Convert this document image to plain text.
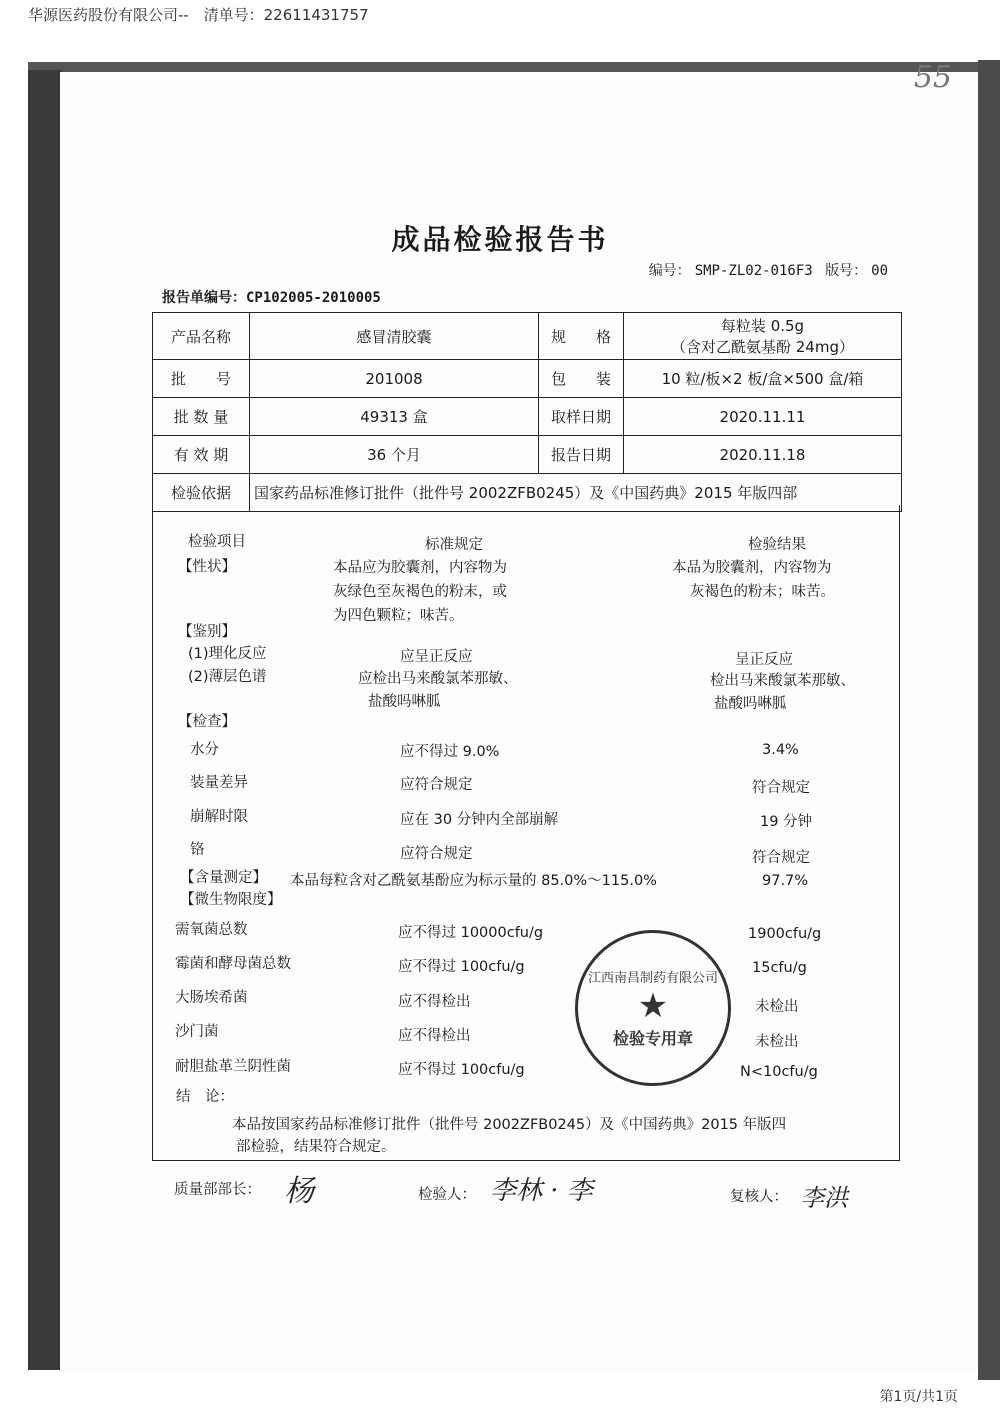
华源医药股份有限公司-- 清单号：22611431757
55
成品检验报告书
编号： SMP-ZL02-016F3 版号： 00
报告单编号：CP102005-2010005
产品名称	感冒清胶囊	规　　格	每粒装 0.5g
（含对乙酰氨基酚 24mg）

批　　号	201008	包　　装	10 粒/板×2 板/盒×500 盒/箱
批 数 量	49313 盒	取样日期	2020.11.11
有 效 期	36 个月	报告日期	2020.11.18
检验依据	国家药品标准修订批件（批件号 2002ZFB0245）及《中国药典》2015 年版四部		
检验项目	标准规定	检验结果
【性状】	本品应为胶囊剂，内容物为
灰绿色至灰褐色的粉末，或
为四色颗粒；味苦。
本品为胶囊剂，内容物为
灰褐色的粉末；味苦。
【鉴别】
(1)理化反应	应呈正反应	呈正反应
(2)薄层色谱	应检出马来酸氯苯那敏、
盐酸吗啉胍
检出马来酸氯苯那敏、
盐酸吗啉胍
【检查】
水分	应不得过 9.0%	3.4%
装量差异	应符合规定	符合规定
崩解时限	应在 30 分钟内全部崩解	19 分钟
铬	应符合规定	符合规定
【含量测定】 本品每粒含对乙酰氨基酚应为标示量的 85.0%～115.0%	97.7%
【微生物限度】
需氧菌总数	应不得过 10000cfu/g	1900cfu/g
霉菌和酵母菌总数	应不得过 100cfu/g	15cfu/g
大肠埃希菌	应不得检出	未检出
沙门菌	应不得检出	未检出
耐胆盐革兰阴性菌	应不得过 100cfu/g	N<10cfu/g
结　论：
本品按国家药品标准修订批件（批件号 2002ZFB0245）及《中国药典》2015 年版四
部检验，结果符合规定。
江西南昌制药有限公司
★
检验专用章
质量部部长： 杨	检验人： 李林 · 李	复核人： 李洪
第1页/共1页
